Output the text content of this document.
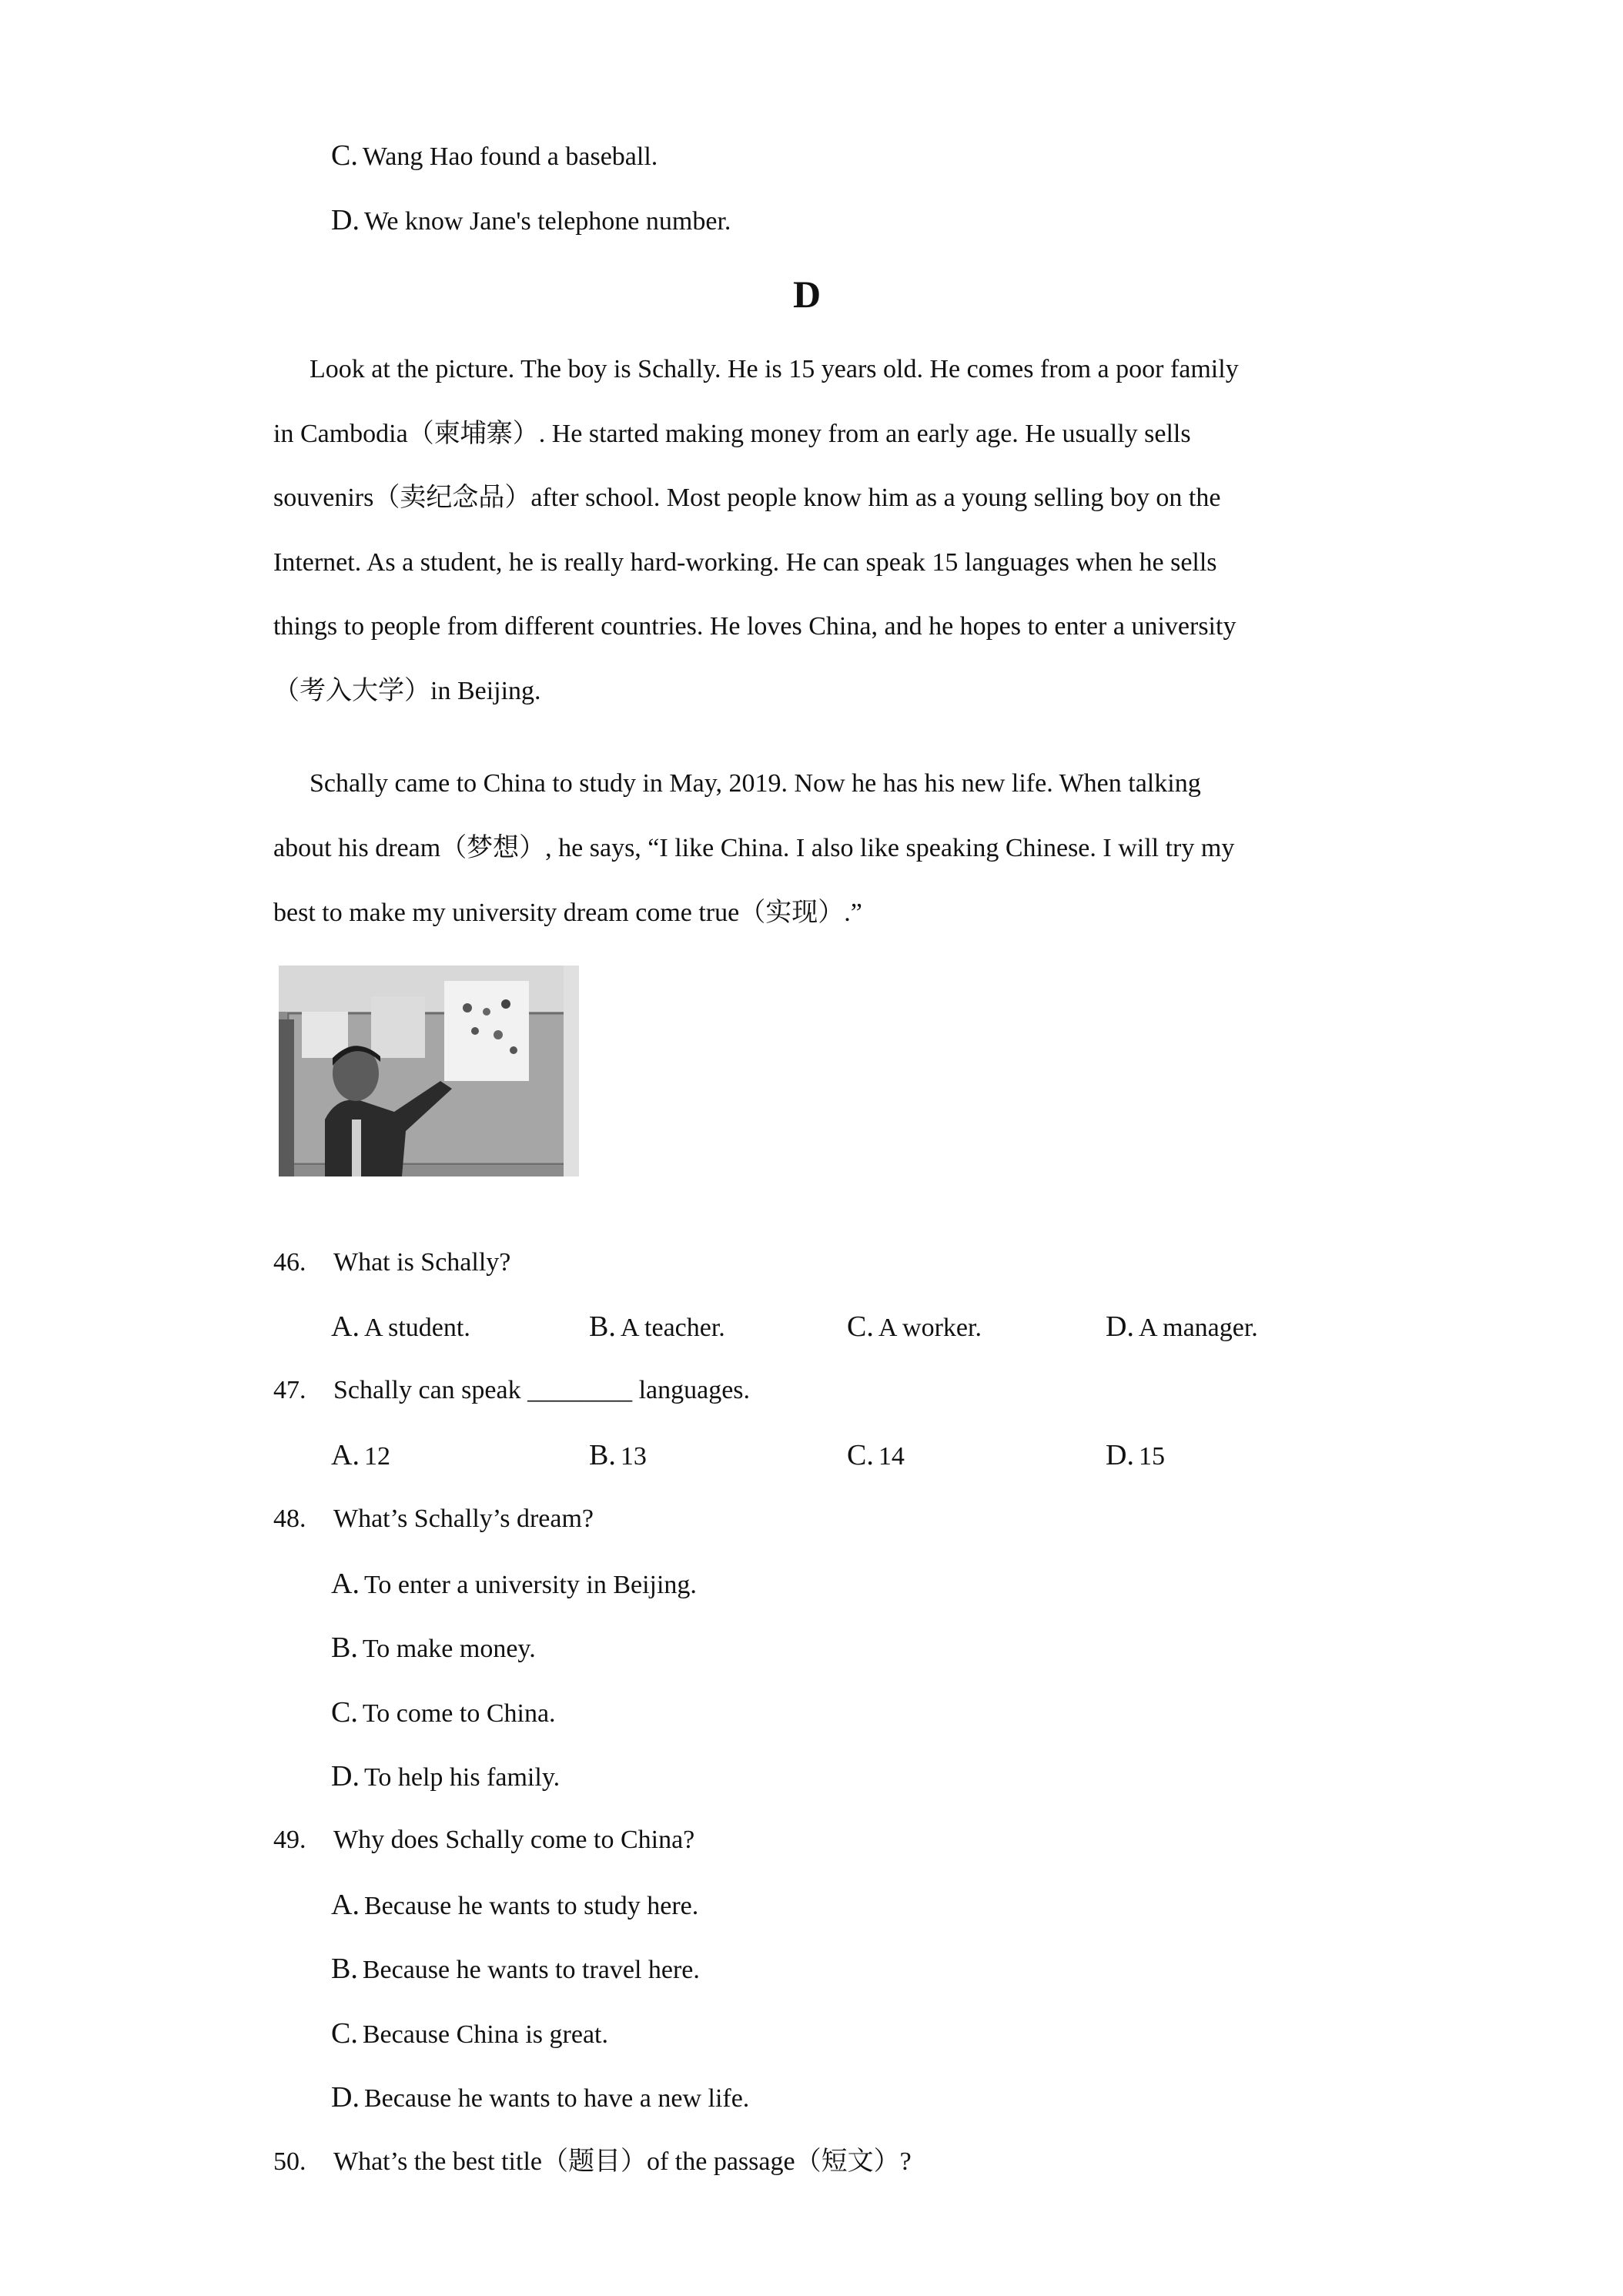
C. Wang Hao found a baseball.
D. We know Jane's telephone number.
D
Look at the picture. The boy is Schally. He is 15 years old. He comes from a poor family
in Cambodia（柬埔寨）. He started making money from an early age. He usually sells
souvenirs（卖纪念品）after school. Most people know him as a young selling boy on the
Internet. As a student, he is really hard-working. He can speak 15 languages when he sells
things to people from different countries. He loves China, and he hopes to enter a university
（考入大学）in Beijing.
Schally came to China to study in May, 2019. Now he has his new life. When talking
about his dream（梦想）, he says, “I like China. I also like speaking Chinese. I will try my
best to make my university dream come true（实现）.”
46. What is Schally?
A. A student.	B. A teacher.	C. A worker.	D. A manager.
47. Schally can speak ________ languages.
A. 12	B. 13	C. 14	D. 15
48. What’s Schally’s dream?
A. To enter a university in Beijing.
B. To make money.
C. To come to China.
D. To help his family.
49. Why does Schally come to China?
A. Because he wants to study here.
B. Because he wants to travel here.
C. Because China is great.
D. Because he wants to have a new life.
50. What’s the best title（题目）of the passage（短文）?
